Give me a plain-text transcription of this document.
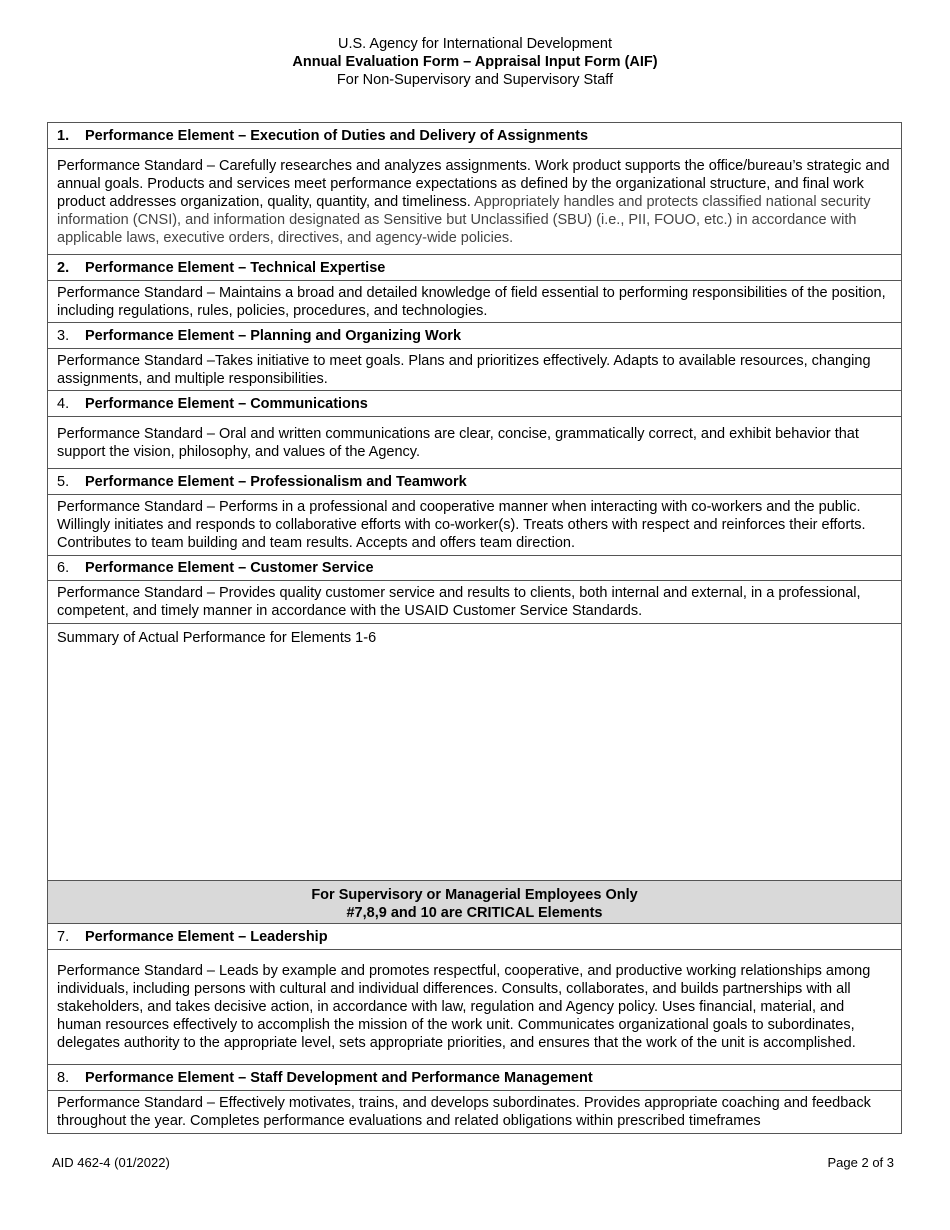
U.S. Agency for International Development
Annual Evaluation Form – Appraisal Input Form (AIF)
For Non-Supervisory and Supervisory Staff
1.	Performance Element – Execution of Duties and Delivery of Assignments
Performance Standard – Carefully researches and analyzes assignments. Work product supports the office/bureau’s strategic and annual goals. Products and services meet performance expectations as defined by the organizational structure, and final work product addresses organization, quality, quantity, and timeliness. Appropriately handles and protects classified national security information (CNSI), and information designated as Sensitive but Unclassified (SBU) (i.e., PII, FOUO, etc.) in accordance with applicable laws, executive orders, directives, and agency-wide policies.
2.	Performance Element – Technical Expertise
Performance Standard – Maintains a broad and detailed knowledge of field essential to performing responsibilities of the position, including regulations, rules, policies, procedures, and technologies.
3.	Performance Element – Planning and Organizing Work
Performance Standard –Takes initiative to meet goals. Plans and prioritizes effectively. Adapts to available resources, changing assignments, and multiple responsibilities.
4.	Performance Element – Communications
Performance Standard – Oral and written communications are clear, concise, grammatically correct, and exhibit behavior that support the vision, philosophy, and values of the Agency.
5.	Performance Element – Professionalism and Teamwork
Performance Standard – Performs in a professional and cooperative manner when interacting with co-workers and the public. Willingly initiates and responds to collaborative efforts with co-worker(s). Treats others with respect and reinforces their efforts. Contributes to team building and team results. Accepts and offers team direction.
6.	Performance Element – Customer Service
Performance Standard – Provides quality customer service and results to clients, both internal and external, in a professional, competent, and timely manner in accordance with the USAID Customer Service Standards.
Summary of Actual Performance for Elements 1-6
For Supervisory or Managerial Employees Only
#7,8,9 and 10 are CRITICAL Elements
7.	Performance Element – Leadership
Performance Standard – Leads by example and promotes respectful, cooperative, and productive working relationships among individuals, including persons with cultural and individual differences. Consults, collaborates, and builds partnerships with all stakeholders, and takes decisive action, in accordance with law, regulation and Agency policy. Uses financial, material, and human resources effectively to accomplish the mission of the work unit. Communicates organizational goals to subordinates, delegates authority to the appropriate level, sets appropriate priorities, and ensures that the work of the unit is accomplished.
8.	Performance Element – Staff Development and Performance Management
Performance Standard – Effectively motivates, trains, and develops subordinates. Provides appropriate coaching and feedback throughout the year. Completes performance evaluations and related obligations within prescribed timeframes
AID 462-4 (01/2022)	Page 2 of 3
